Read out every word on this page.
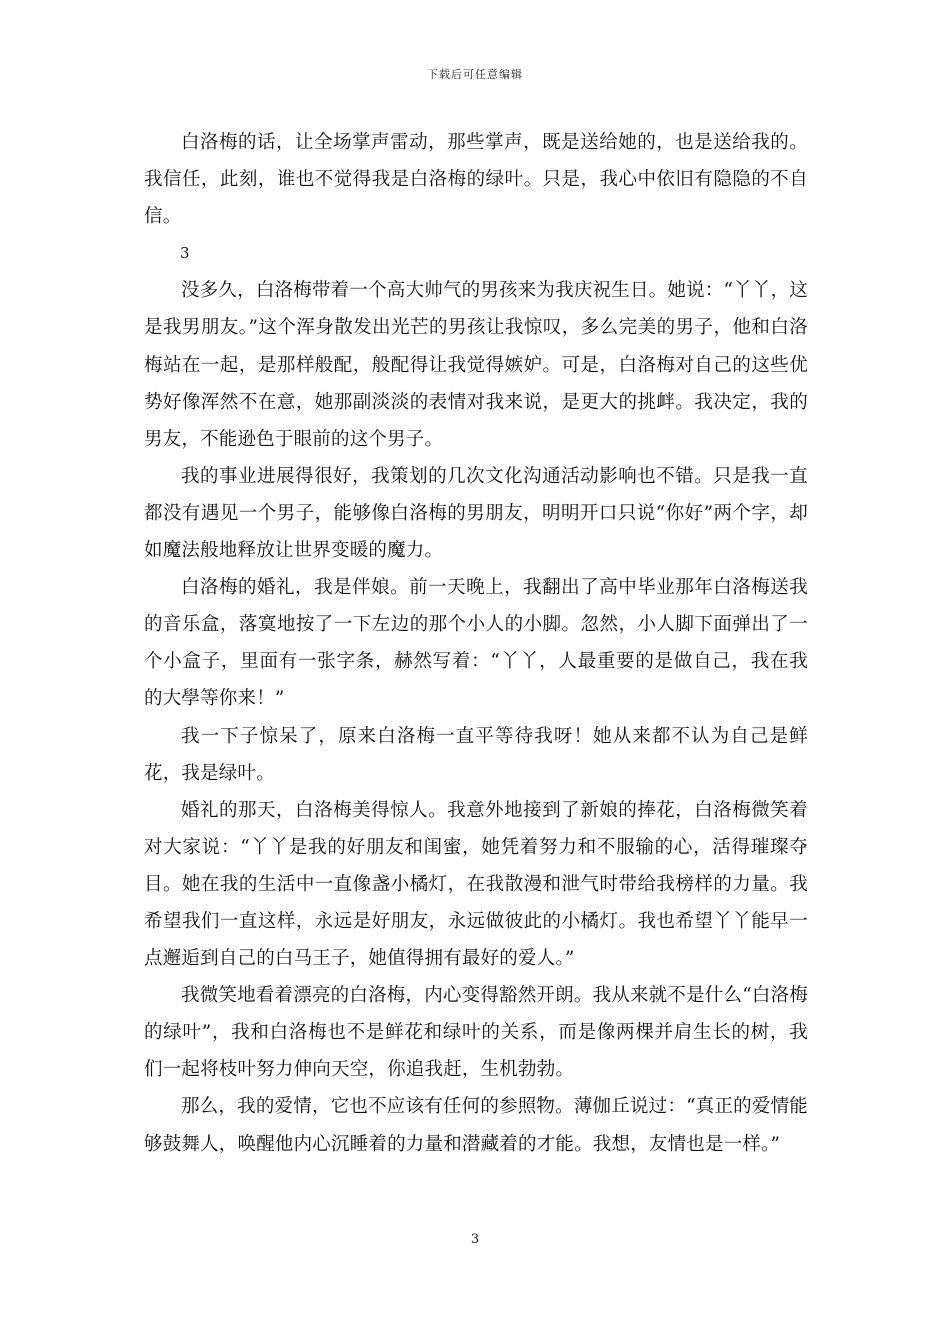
下载后可任意编辑

白洛梅的话，让全场掌声雷动，那些掌声，既是送给她的，也是送给我的。我信任，此刻，谁也不觉得我是白洛梅的绿叶。只是，我心中依旧有隐隐的不自信。

3

没多久，白洛梅带着一个高大帅气的男孩来为我庆祝生日。她说：“丫丫，这是我男朋友。”这个浑身散发出光芒的男孩让我惊叹，多么完美的男子，他和白洛梅站在一起，是那样般配，般配得让我觉得嫉妒。可是，白洛梅对自己的这些优势好像浑然不在意，她那副淡淡的表情对我来说，是更大的挑衅。我决定，我的男友，不能逊色于眼前的这个男子。

我的事业进展得很好，我策划的几次文化沟通活动影响也不错。只是我一直都没有遇见一个男子，能够像白洛梅的男朋友，明明开口只说“你好”两个字，却如魔法般地释放让世界变暖的魔力。

白洛梅的婚礼，我是伴娘。前一天晚上，我翻出了高中毕业那年白洛梅送我的音乐盒，落寞地按了一下左边的那个小人的小脚。忽然，小人脚下面弹出了一个小盒子，里面有一张字条，赫然写着：“丫丫，人最重要的是做自己，我在我的大學等你来！”

我一下子惊呆了，原来白洛梅一直平等待我呀！她从来都不认为自己是鲜花，我是绿叶。

婚礼的那天，白洛梅美得惊人。我意外地接到了新娘的捧花，白洛梅微笑着对大家说：“丫丫是我的好朋友和闺蜜，她凭着努力和不服输的心，活得璀璨夺目。她在我的生活中一直像盏小橘灯，在我散漫和泄气时带给我榜样的力量。我希望我们一直这样，永远是好朋友，永远做彼此的小橘灯。我也希望丫丫能早一点邂逅到自己的白马王子，她值得拥有最好的爱人。”

我微笑地看着漂亮的白洛梅，内心变得豁然开朗。我从来就不是什么“白洛梅的绿叶”，我和白洛梅也不是鲜花和绿叶的关系，而是像两棵并肩生长的树，我们一起将枝叶努力伸向天空，你追我赶，生机勃勃。

那么，我的爱情，它也不应该有任何的参照物。薄伽丘说过：“真正的爱情能够鼓舞人，唤醒他内心沉睡着的力量和潜藏着的才能。我想，友情也是一样。”

3
